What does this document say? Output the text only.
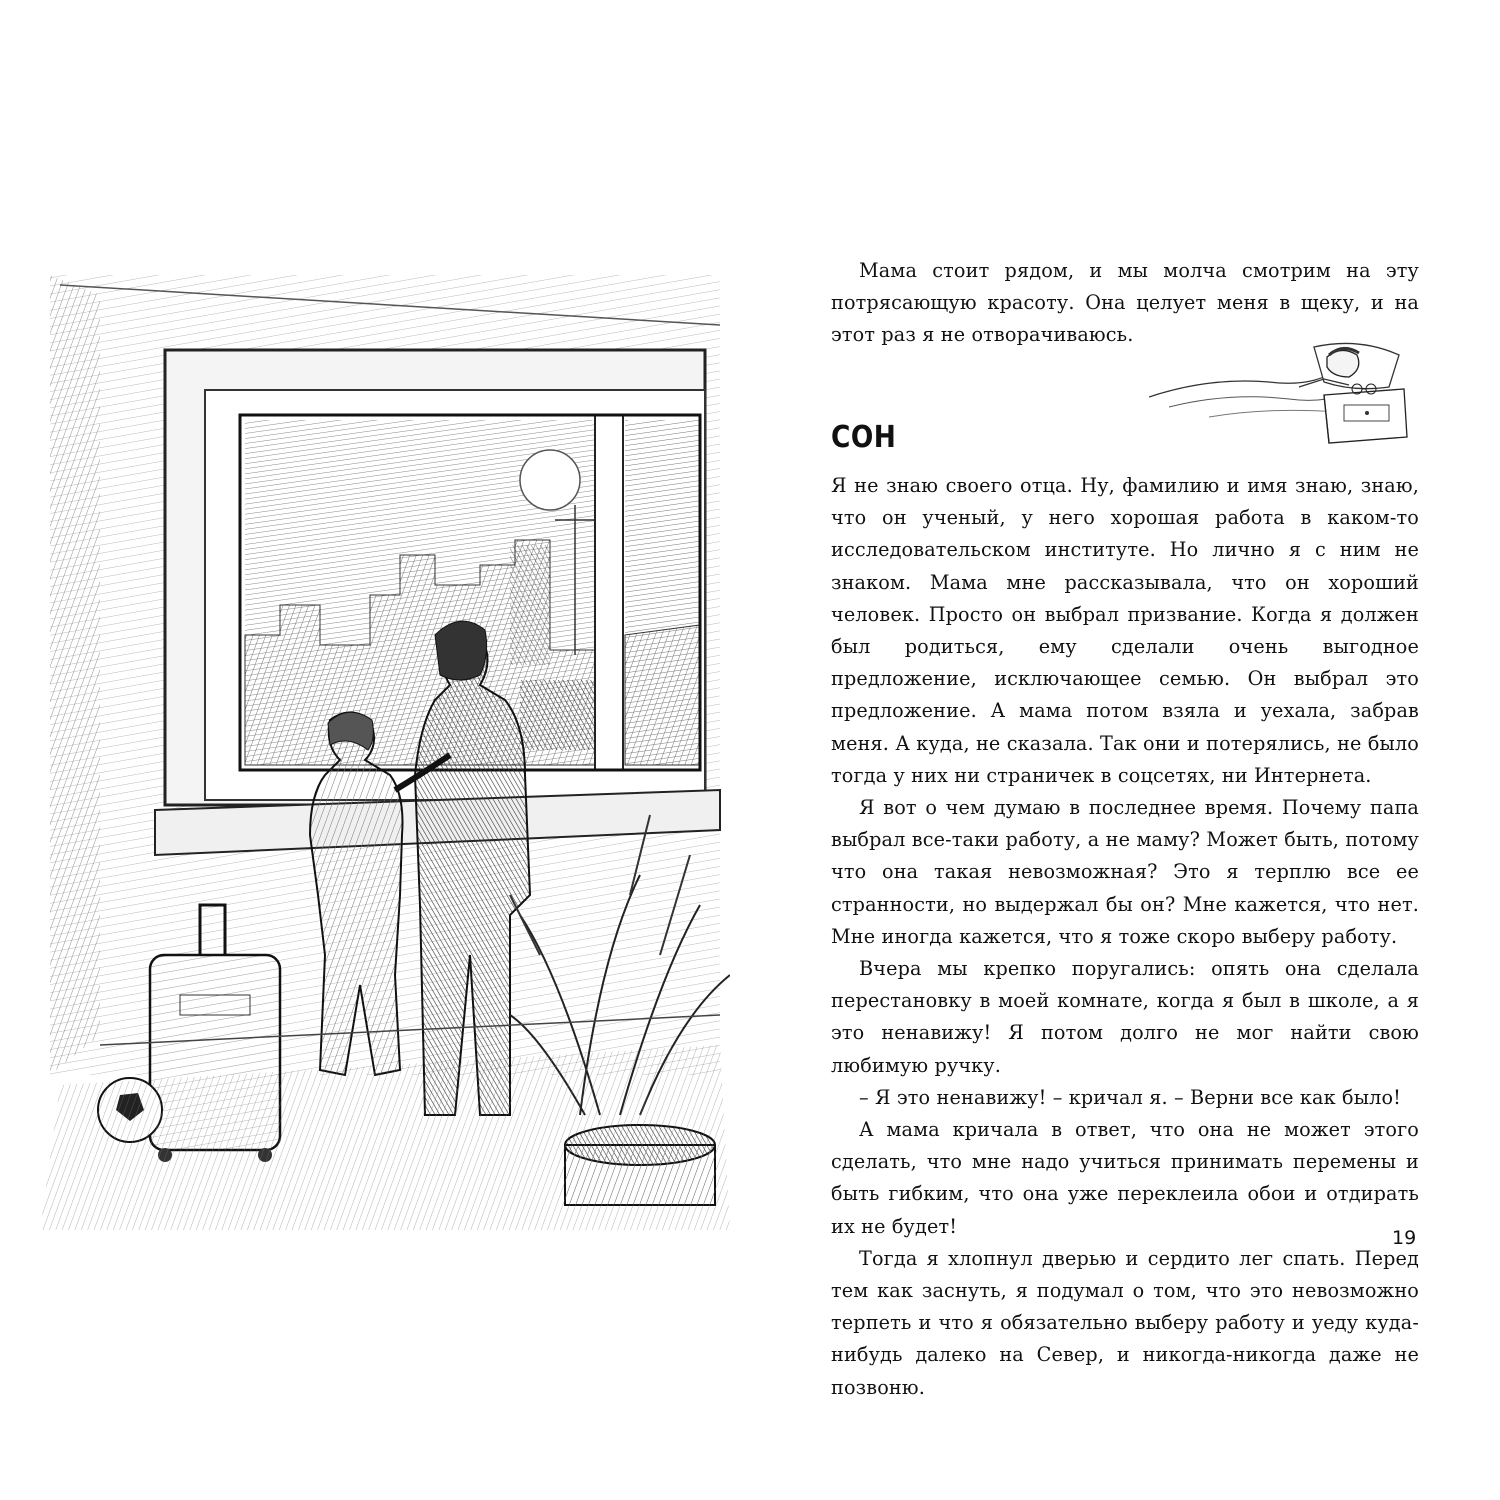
Мама стоит рядом, и мы молча смотрим на эту потрясающую красоту. Она целует меня в щеку, и на этот раз я не отворачиваюсь.

СОН

Я не знаю своего отца. Ну, фамилию и имя знаю, знаю, что он ученый, у него хорошая работа в каком-то исследовательском институте. Но лично я с ним не знаком. Мама мне рассказывала, что он хороший человек. Просто он выбрал призвание. Когда я должен был родиться, ему сделали очень выгодное предложение, исключающее семью. Он выбрал это предложение. А мама потом взяла и уехала, забрав меня. А куда, не сказала. Так они и потерялись, не было тогда у них ни страничек в соцсетях, ни Интернета.

Я вот о чем думаю в последнее время. Почему папа выбрал все-таки работу, а не маму? Может быть, потому что она такая невозможная? Это я терплю все ее странности, но выдержал бы он? Мне кажется, что нет. Мне иногда кажется, что я тоже скоро выберу работу.

Вчера мы крепко поругались: опять она сделала перестановку в моей комнате, когда я был в школе, а я это ненавижу! Я потом долго не мог найти свою любимую ручку.

– Я это ненавижу! – кричал я. – Верни все как было!

А мама кричала в ответ, что она не может этого сделать, что мне надо учиться принимать перемены и быть гибким, что она уже переклеила обои и отдирать их не будет!

Тогда я хлопнул дверью и сердито лег спать. Перед тем как заснуть, я подумал о том, что это невозможно терпеть и что я обязательно выберу работу и уеду куда-нибудь далеко на Север, и никогда-никогда даже не позвоню.

19
